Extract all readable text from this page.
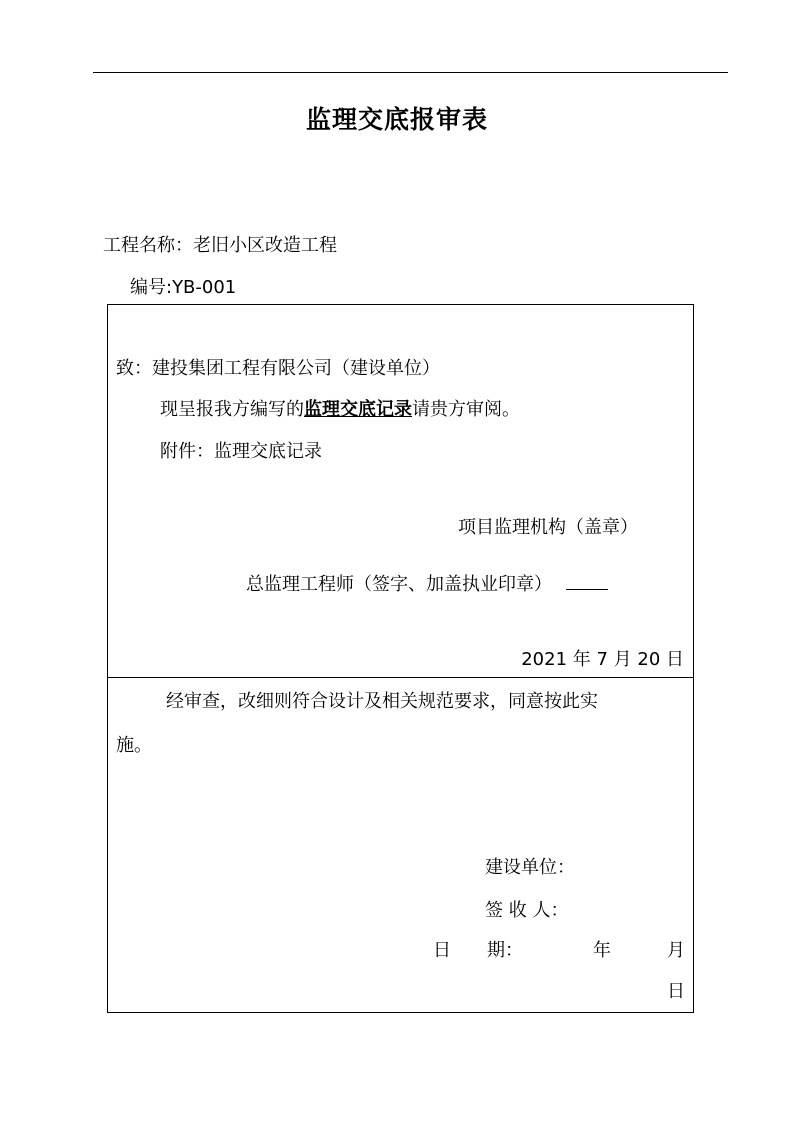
监理交底报审表
工程名称：老旧小区改造工程
编号:YB-001
致：建投集团工程有限公司（建设单位）
现呈报我方编写的监理交底记录请贵方审阅。
附件：监理交底记录
项目监理机构（盖章）
总监理工程师（签字、加盖执业印章）
2021 年 7 月 20 日
经审查，改细则符合设计及相关规范要求，同意按此实
施。
建设单位：
签 收 人：
日　　期：	年	月
日
